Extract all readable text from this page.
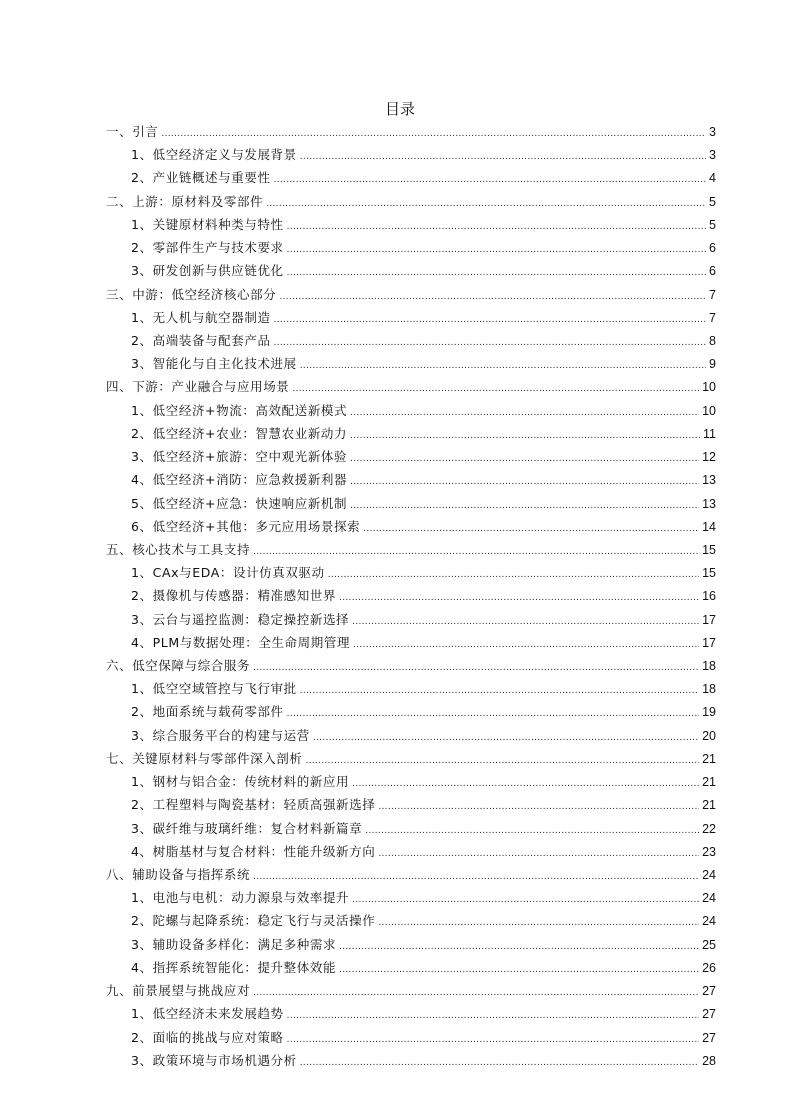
目录
一、引言 .....	3
1、低空经济定义与发展背景 .....	3
2、产业链概述与重要性 .....	4
二、上游：原材料及零部件 .....	5
1、关键原材料种类与特性 .....	5
2、零部件生产与技术要求 .....	6
3、研发创新与供应链优化 .....	6
三、中游：低空经济核心部分 .....	7
1、无人机与航空器制造 .....	7
2、高端装备与配套产品 .....	8
3、智能化与自主化技术进展 .....	9
四、下游：产业融合与应用场景 .....	10
1、低空经济+物流：高效配送新模式 .....	10
2、低空经济+农业：智慧农业新动力 .....	11
3、低空经济+旅游：空中观光新体验 .....	12
4、低空经济+消防：应急救援新利器 .....	13
5、低空经济+应急：快速响应新机制 .....	13
6、低空经济+其他：多元应用场景探索 .....	14
五、核心技术与工具支持 .....	15
1、CAx与EDA：设计仿真双驱动 .....	15
2、摄像机与传感器：精准感知世界 .....	16
3、云台与遥控监测：稳定操控新选择 .....	17
4、PLM与数据处理：全生命周期管理 .....	17
六、低空保障与综合服务 .....	18
1、低空空域管控与飞行审批 .....	18
2、地面系统与载荷零部件 .....	19
3、综合服务平台的构建与运营 .....	20
七、关键原材料与零部件深入剖析 .....	21
1、钢材与铝合金：传统材料的新应用 .....	21
2、工程塑料与陶瓷基材：轻质高强新选择 .....	21
3、碳纤维与玻璃纤维：复合材料新篇章 .....	22
4、树脂基材与复合材料：性能升级新方向 .....	23
八、辅助设备与指挥系统 .....	24
1、电池与电机：动力源泉与效率提升 .....	24
2、陀螺与起降系统：稳定飞行与灵活操作 .....	24
3、辅助设备多样化：满足多种需求 .....	25
4、指挥系统智能化：提升整体效能 .....	26
九、前景展望与挑战应对 .....	27
1、低空经济未来发展趋势 .....	27
2、面临的挑战与应对策略 .....	27
3、政策环境与市场机遇分析 .....	28
